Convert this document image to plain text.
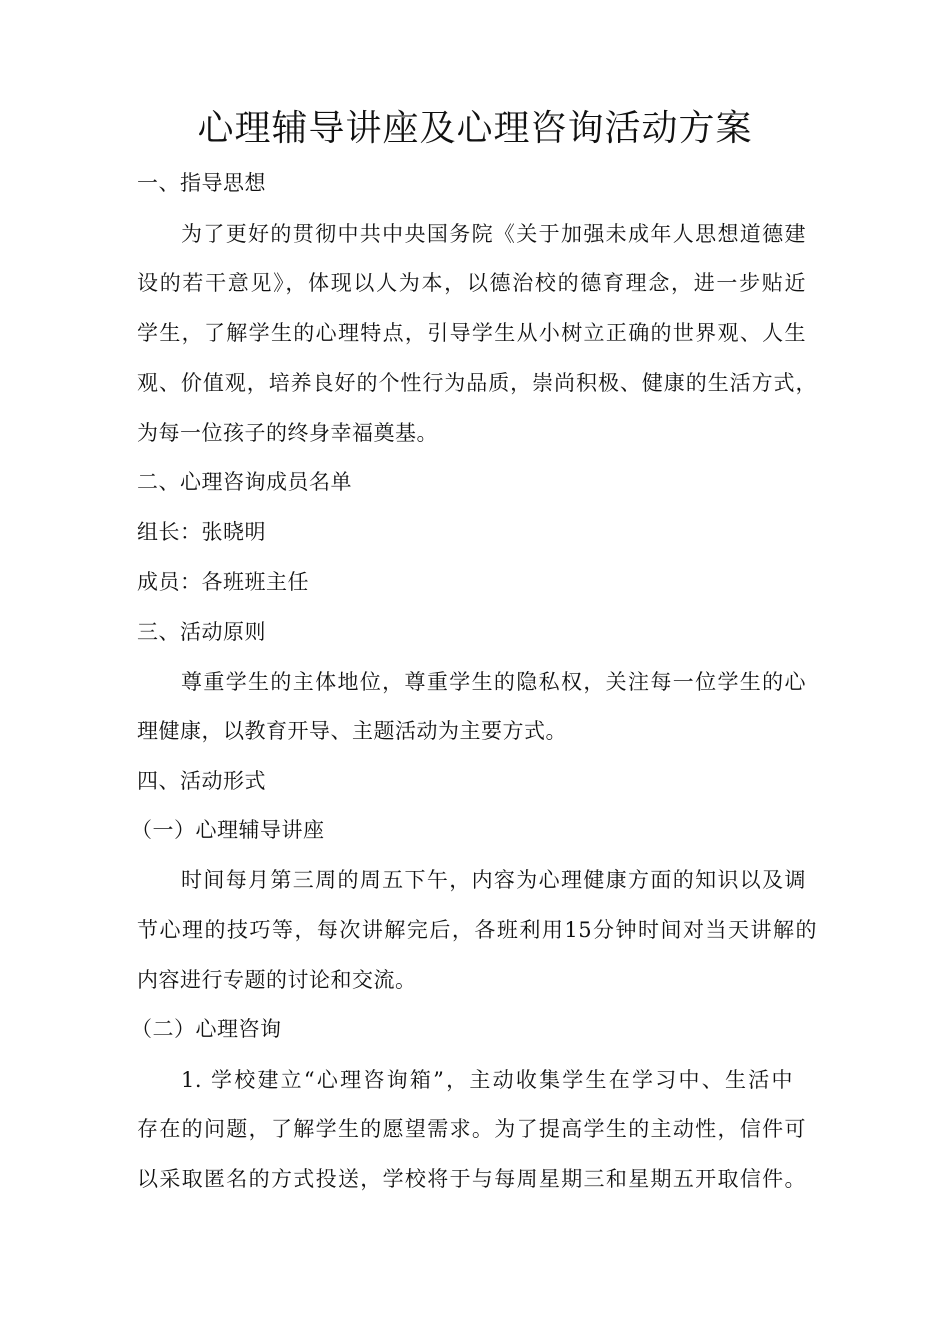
心理辅导讲座及心理咨询活动方案
一、指导思想
为了更好的贯彻中共中央国务院《关于加强未成年人思想道德建
设的若干意见》，体现以人为本，以德治校的德育理念，进一步贴近
学生，了解学生的心理特点，引导学生从小树立正确的世界观、人生
观、价值观，培养良好的个性行为品质，崇尚积极、健康的生活方式，
为每一位孩子的终身幸福奠基。
二、心理咨询成员名单
组长：张晓明
成员：各班班主任
三、活动原则
尊重学生的主体地位，尊重学生的隐私权，关注每一位学生的心
理健康，以教育开导、主题活动为主要方式。
四、活动形式
（一）心理辅导讲座
时间每月第三周的周五下午，内容为心理健康方面的知识以及调
节心理的技巧等，每次讲解完后，各班利用15分钟时间对当天讲解的
内容进行专题的讨论和交流。
（二）心理咨询
1. 学校建立“心理咨询箱”，主动收集学生在学习中、生活中
存在的问题，了解学生的愿望需求。为了提高学生的主动性，信件可
以采取匿名的方式投送，学校将于与每周星期三和星期五开取信件。
